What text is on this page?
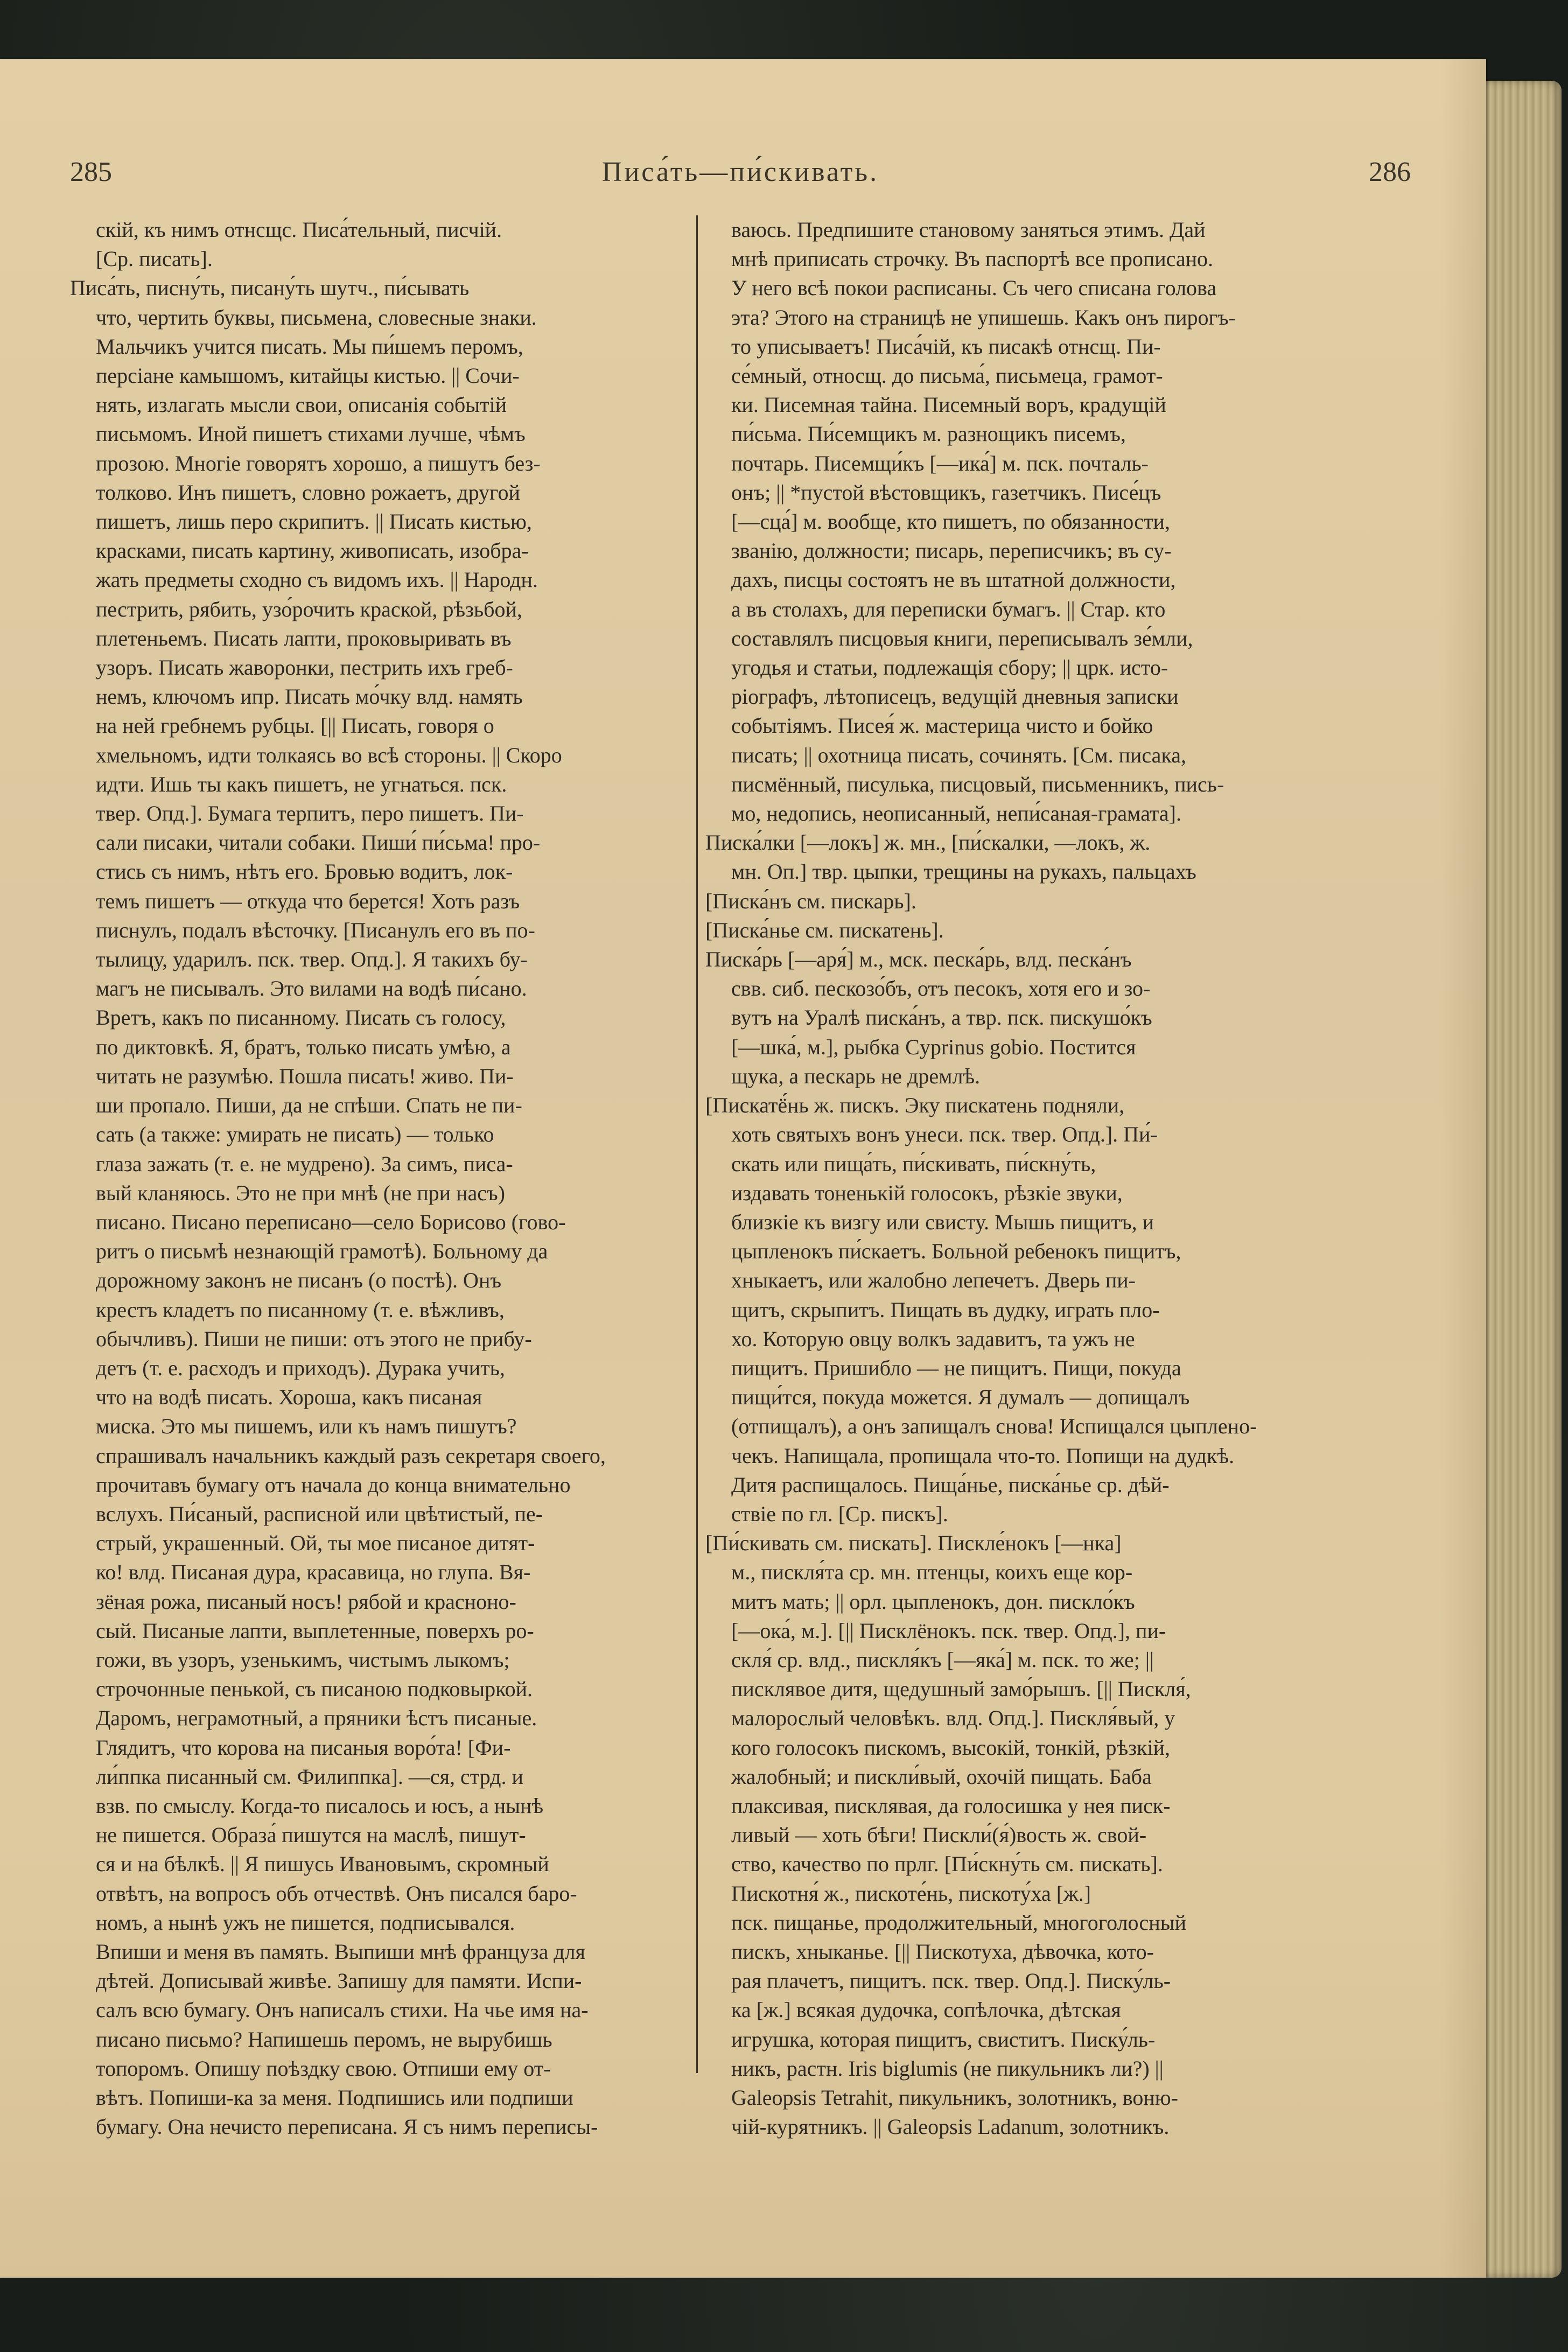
285	Писа́ть—пи́скивать.	286
скій, къ нимъ отнсщс. Писа́тельный, писчій.
[Ср. писать].
Писа́ть, писну́ть, писану́ть шутч., пи́сывать
что, чертить буквы, письмена, словесные знаки.
Мальчикъ учится писать. Мы пи́шемъ перомъ,
персіане камышомъ, китайцы кистью. || Сочи-
нять, излагать мысли свои, описанія событій
письмомъ. Иной пишетъ стихами лучше, чѣмъ
прозою. Многіе говорятъ хорошо, а пишутъ без-
толково. Инъ пишетъ, словно рожаетъ, другой
пишетъ, лишь перо скрипитъ. || Писать кистью,
красками, писать картину, живописать, изобра-
жать предметы сходно съ видомъ ихъ. || Народн.
пестрить, рябить, узо́рочить краской, рѣзьбой,
плетеньемъ. Писать лапти, проковыривать въ
узоръ. Писать жаворонки, пестрить ихъ греб-
немъ, ключомъ ипр. Писать мо́чку влд. намять
на ней гребнемъ рубцы. [|| Писать, говоря о
хмельномъ, идти толкаясь во всѣ стороны. || Скоро
идти. Ишь ты какъ пишетъ, не угнаться. пск.
твер. Опд.]. Бумага терпитъ, перо пишетъ. Пи-
сали писаки, читали собаки. Пиши́ пи́сьма! про-
стись съ нимъ, нѣтъ его. Бровью водитъ, лок-
темъ пишетъ — откуда что берется! Хоть разъ
писнулъ, подалъ вѣсточку. [Писанулъ его въ по-
тылицу, ударилъ. пск. твер. Опд.]. Я такихъ бу-
магъ не писывалъ. Это вилами на водѣ пи́сано.
Вретъ, какъ по писанному. Писать съ голосу,
по диктовкѣ. Я, братъ, только писать умѣю, а
читать не разумѣю. Пошла писать! живо. Пи-
ши пропало. Пиши, да не спѣши. Спать не пи-
сать (а также: умирать не писать) — только
глаза зажать (т. е. не мудрено). За симъ, писа-
вый кланяюсь. Это не при мнѣ (не при насъ)
писано. Писано переписано—село Борисово (гово-
ритъ о письмѣ незнающій грамотѣ). Больному да
дорожному законъ не писанъ (о постѣ). Онъ
крестъ кладетъ по писанному (т. е. вѣжливъ,
обычливъ). Пиши не пиши: отъ этого не прибу-
детъ (т. е. расходъ и приходъ). Дурака учить,
что на водѣ писать. Хороша, какъ писаная
миска. Это мы пишемъ, или къ намъ пишутъ?
спрашивалъ начальникъ каждый разъ секретаря своего,
прочитавъ бумагу отъ начала до конца внимательно
вслухъ. Пи́саный, расписной или цвѣтистый, пе-
стрый, украшенный. Ой, ты мое писаное дитят-
ко! влд. Писаная дура, красавица, но глупа. Вя-
зёная рожа, писаный носъ! рябой и красноно-
сый. Писаные лапти, выплетенные, поверхъ ро-
гожи, въ узоръ, узенькимъ, чистымъ лыкомъ;
строчонные пенькой, съ писаною подковыркой.
Даромъ, неграмотный, а пряники ѣстъ писаные.
Глядитъ, что корова на писаныя воро́та! [Фи-
ли́ппка писанный см. Филиппка]. —ся, стрд. и
взв. по смыслу. Когда-то писалось и юсъ, а нынѣ
не пишется. Образа́ пишутся на маслѣ, пишут-
ся и на бѣлкѣ. || Я пишусь Ивановымъ, скромный
отвѣтъ, на вопросъ объ отчествѣ. Онъ писался баро-
номъ, а нынѣ ужъ не пишется, подписывался.
Впиши и меня въ память. Выпиши мнѣ француза для
дѣтей. Дописывай живѣе. Запишу для памяти. Испи-
салъ всю бумагу. Онъ написалъ стихи. На чье имя на-
писано письмо? Напишешь перомъ, не вырубишь
топоромъ. Опишу поѣздку свою. Отпиши ему от-
вѣтъ. Попиши-ка за меня. Подпишись или подпиши
бумагу. Она нечисто переписана. Я съ нимъ переписы-
ваюсь. Предпишите становому заняться этимъ. Дай
мнѣ приписать строчку. Въ паспортѣ все прописано.
У него всѣ покои расписаны. Съ чего списана голова
эта? Этого на страницѣ не упишешь. Какъ онъ пирогъ-
то уписываетъ! Писа́чій, къ писакѣ отнсщ. Пи-
се́мный, относщ. до письма́, письмеца, грамот-
ки. Писемная тайна. Писемный воръ, крадущій
пи́сьма. Пи́семщикъ м. разнощикъ писемъ,
почтарь. Писемщи́къ [—ика́] м. пск. почталь-
онъ; || *пустой вѣстовщикъ, газетчикъ. Писе́цъ
[—сца́] м. вообще, кто пишетъ, по обязанности,
званію, должности; писарь, переписчикъ; въ су-
дахъ, писцы состоятъ не въ штатной должности,
а въ столахъ, для переписки бумагъ. || Стар. кто
составлялъ писцовыя книги, переписывалъ зе́мли,
угодья и статьи, подлежащія сбору; || црк. исто-
ріографъ, лѣтописецъ, ведущій дневныя записки
событіямъ. Писея́ ж. мастерица чисто и бойко
писать; || охотница писать, сочинять. [См. писака,
писмённый, писулька, писцовый, письменникъ, пись-
мо, недопись, неописанный, непи́саная-грамата].
Писка́лки [—локъ] ж. мн., [пи́скалки, —локъ, ж.
мн. Оп.] твр. цыпки, трещины на рукахъ, пальцахъ
[Писка́нъ см. пискарь].
[Писка́нье см. пискатень].
Писка́рь [—аря́] м., мск. песка́рь, влд. песка́нъ
свв. сиб. пескозо́бъ, отъ песокъ, хотя его и зо-
вутъ на Уралѣ писка́нъ, а твр. пск. пискушо́къ
[—шка́, м.], рыбка Cyprinus gobio. Постится
щука, а пескарь не дремлѣ.
[Пискатё́нь ж. пискъ. Эку пискатень подняли,
хоть святыхъ вонъ унеси. пск. твер. Опд.]. Пи́-
скать или пища́ть, пи́скивать, пи́скну́ть,
издавать тоненькій голосокъ, рѣзкіе звуки,
близкіе къ визгу или свисту. Мышь пищитъ, и
цыпленокъ пи́скаетъ. Больной ребенокъ пищитъ,
хныкаетъ, или жалобно лепечетъ. Дверь пи-
щитъ, скрыпитъ. Пищать въ дудку, играть пло-
хо. Которую овцу волкъ задавитъ, та ужъ не
пищитъ. Пришибло — не пищитъ. Пищи, покуда
пищи́тся, покуда можется. Я думалъ — допищалъ
(отпищалъ), а онъ запищалъ снова! Испищался цыплено-
чекъ. Напищала, пропищала что-то. Попищи на дудкѣ.
Дитя распищалось. Пища́нье, писка́нье ср. дѣй-
ствіе по гл. [Ср. пискъ].
[Пи́скивать см. пискать]. Пискле́нокъ [—нка]
м., пискля́та ср. мн. птенцы, коихъ еще кор-
митъ мать; || орл. цыпленокъ, дон. пискло́къ
[—ока́, м.]. [|| Писклёнокъ. пск. твер. Опд.], пи-
скля́ ср. влд., пискля́къ [—яка́] м. пск. то же; ||
писклявое дитя, щедушный замо́рышъ. [|| Пискля́,
малорослый человѣкъ. влд. Опд.]. Пискля́вый, у
кого голосокъ пискомъ, высокій, тонкій, рѣзкій,
жалобный; и пискли́вый, охочій пищать. Баба
плаксивая, писклявая, да голосишка у нея писк-
ливый — хоть бѣги! Пискли́(я́)вость ж. свой-
ство, качество по прлг. [Пи́скну́ть см. пискать].
Пискотня́ ж., пискоте́нь, пискоту́ха [ж.]
пск. пищанье, продолжительный, многоголосный
пискъ, хныканье. [|| Пискотуха, дѣвочка, кото-
рая плачетъ, пищитъ. пск. твер. Опд.]. Писку́ль-
ка [ж.] всякая дудочка, сопѣлочка, дѣтская
игрушка, которая пищитъ, свиститъ. Писку́ль-
никъ, растн. Iris biglumis (не пикульникъ ли?) ||
Galeopsis Tetrahit, пикульникъ, золотникъ, воню-
чій-курятникъ. || Galeopsis Ladanum, золотникъ.
